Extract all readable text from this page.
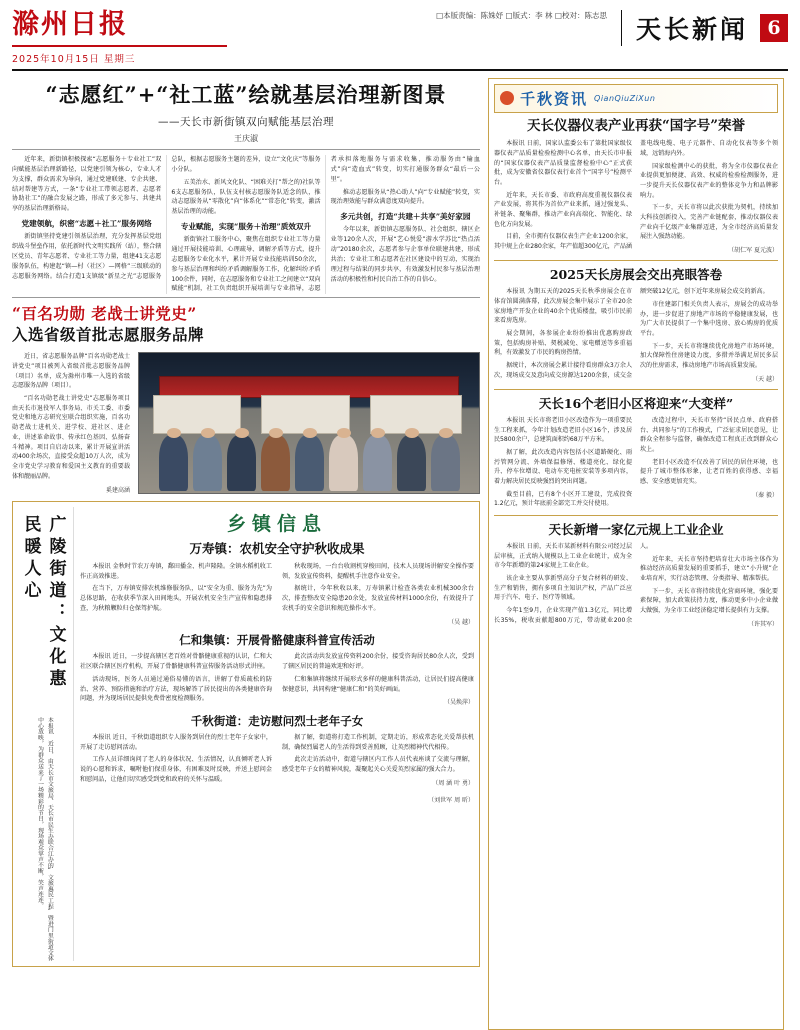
滁州日报
2025年10月15日 星期三
□本版责编：陈姝妤 □版式：李 林 □校对：陈志思	天长新闻	6
“志愿红”+“社工蓝”绘就基层治理新图景
——天长市新街镇双向赋能基层治理
王庆淑

近年来，新街镇积极探索“志愿服务＋专业社工”双向赋能基层治理新路径，以党建引领为核心，专业人才为支撑，群众需求为导向，通过党建联建、专企共建、结对帮建等方式，一条“专业社工带领志愿者、志愿者协助社工”的融合发展之路，形成了多元参与、共建共享的基层治理新格局。

党建领航，织密“志愿＋社工”服务网络

新街镇坚持党建引领基层治理，充分发挥基层党组织战斗堡垒作用，依托新时代文明实践所（站），整合辖区党员、青年志愿者、专业社工等力量，组建41支志愿服务队伍，构建起“镇—村（社区）—网格”三级联动的志愿服务网络。结合打造1支镇级“新星之光”志愿服务总队，根据志愿服务主题的差异，设立“文化庆”等服务小分队。

五美治水、新风文化队、“困难关打”帮之的)社队等6支志愿服务队，队伍支村核志愿服务队适念的队，推动志愿服务从“零散化”向“体系化”“常态化”转变，激活基层治理的动能。

专业赋能，实现“服务＋治理”质效双升

新街镇社工服务中心，聚焦在组织专业社工等力量通过开展技能培训、心理疏导、调解矛盾等方式，提升志愿服务专业化水平，累计开展专业技能培训50余次，参与基层治理和纠纷矛盾调解服务工作，化解纠纷矛盾100余件，同时，在志愿服务和专业社工之间建立“双向赋能”机制，社工负责组织开展培训与专业指导，志愿者承担落地服务与需求收集，推动服务由“输血式”向“造血式”转变，切实打通服务群众“最后一公里”。

推动志愿服务从“热心助人”向“专业赋能”转变，实现治理效能与群众满意度双向提升。

多元共创，打造“共建＋共享”美好家园

今年以来，新街镇志愿服务队、社会组织、辖区企业等120余人次，开展“艺心悦爱”游水学苏比“热点活动”20180余次，志愿者参与企事单位联建共建，形成共治；专业社工和志愿者在社区建设中的互动，实现治理过程与结果的同步共享，有效激发村民参与基层治理活动的积极性和村民自治工作的自信心。

“百名功勋 老战士讲党史”
入选省级首批志愿服务品牌

近日，省志愿服务品牌“百名功勋老战士讲党史”项目被列入省级首批志愿服务品牌（项目）名单，成为滁州市唯一入选的省级志愿服务品牌（项目）。

“百名功勋老战士讲党史”志愿服务项目由天长市退役军人事务局、市关工委、市委党史和地方志研究室联合组织实施，百名功勋老战士进机关、进学校、进社区、进企业，讲述革命故事、传承红色基因、弘扬奋斗精神。项目自启动以来，累计开展宣讲活动400余场次，直接受众超10万人次，成为全市党史学习教育和爱国主义教育的重要载体和靓丽品牌。

奚建高涵
广陵街道：文化惠民暖人心
本报讯 近日，由天长市文旅局、天长市民生办联合江办的“文旅惠民工程”暨进门里街道文体中心放映，为群众送来了一场精彩的节目，现场观众掌声不断，笑声连连。
乡镇信息
万寿镇：农机安全守护秋收成果

本报讯 金秋时节农万寿镇，鄱田播金、机声隆隆。全镇水稻机收工作正高效推进。

在当下，万寿镇安排农机维修服务队，以“安全为重、服务为先”为总体思路，在收获季节深入田间地头，开展农机安全生产宣传和隐患排查，为秋粮颗粒归仓保驾护航。

秋收现场，一台台收割机穿梭田间，技术人员现场讲解安全操作要领，发放宣传资料，提醒机手注意作业安全。

据统计，今年秋收以来，万寿镇累计检查各类农业机械300余台次，排查整改安全隐患20余处，发放宣传材料1000余份，有效提升了农机手的安全意识和规范操作水平。

（吴 越）
仁和集镇：开展骨骼健康科普宣传活动

本报讯 近日，一步提高辖区老百姓对骨骼健康重视的认识，仁和大社区联合辖区医疗机构，开展了骨骼健康科普宣传服务活动形式讲座。

活动现场，医务人员通过通俗易懂的语言，讲解了骨质疏松的防治、营养、预防措施和治疗方法，现场解答了居民提出的各类健康咨询问题，并为现场居民提供免费骨密度检测服务。

此次活动共发放宣传资料200余份，接受咨询居民80余人次，受到了辖区居民的普遍欢迎和好评。

仁和集镇将继续开展形式多样的健康科普活动，让居民们提高健康保健意识，共同构建“健康仁和”的美好画面。

（吴焕萍）
千秋街道：走访慰问烈士老年子女

本报讯 近日，千秋街道组织专人服务到居住的烈士老年子女家中，开展了走访慰问活动。

工作人员详细询问了老人的身体状况、生活情况，认真倾听老人诉说的心愿和诉求，嘱咐他们保重身体，有困难及时反映，并送上慰问金和慰问品，让他们切实感受到党和政府的关怀与温暖。

据了解，街道将打造工作机制，定期走访，形成常态化关爱帮扶机制，确保烈属老人的生活得到妥善照顾，让英烈精神代代相传。

此次走访活动中，街道与辖区内工作人员代表座谈了交流与理解，感受老年子女的精神风貌，凝聚起关心关爱英烈家属的强大合力。

（周 涵 叶 勇）
（刘世军 周 昕）
千秋资讯 QianQiuZiXun
天长仪器仪表产业再获“国字号”荣誉

本报讯 日前，国家认监委公布了第批国家级仪器仪表产品质量检验检测中心名单，由天长市申报的“国家仪器仪表产品质量监督检验中心”正式获批，成为安徽省仪器仪表行业首个“国字号”检测平台。

近年来，天长市委、市政府高度重视仪器仪表产业发展，将其作为首位产业来抓，通过强龙头、补链条、聚集群，推动产业向高端化、智能化、绿色化方向发展。

目前，全市拥有仪器仪表生产企业1200余家，其中规上企业280余家，年产值超300亿元，产品涵盖电线电缆、电子元器件、自动化仪表等多个领域，远销海内外。

国家级检测中心的获批，将为全市仪器仪表企业提供更加便捷、高效、权威的检验检测服务，进一步提升天长仪器仪表产业的整体竞争力和品牌影响力。

下一步，天长市将以此次获批为契机，持续加大科技创新投入，完善产业链配套，推动仪器仪表产业向千亿级产业集群迈进，为全市经济高质量发展注入强劲动能。

（胡仁军 夏元波）
2025天长房展会交出亮眼答卷

本报讯 为期五天的2025天长秋季房展会在市体育馆圆满落幕，此次房展会集中展示了全市20余家房地产开发企业的40余个优质楼盘，吸引市民前来看房选房。

展会期间，各参展企业纷纷推出优惠购房政策，包括购房补贴、契税减免、家电赠送等多重福利，有效激发了市民的购房热情。

据统计，本次房展会累计接待看房群众3万余人次，现场成交及意向成交房源达1200余套，成交金额突破12亿元，创下近年来房展会成交的新高。

市住建部门相关负责人表示，房展会的成功举办，进一步促进了房地产市场的平稳健康发展，也为广大市民提供了一个集中选房、放心购房的优质平台。

下一步，天长市将继续优化房地产市场环境，加大保障性住房建设力度，多措并举满足居民多层次的住房需求，推动房地产市场高质量发展。

（天 越）
天长16个老旧小区将迎来“大变样”

本报讯 天长市将老旧小区改造作为一项重要民生工程来抓，今年计划改造老旧小区16个，涉及居民5800余户，总建筑面积约68万平方米。

据了解，此次改造内容包括小区道路硬化、雨污管网分流、外墙保温修缮、楼道亮化、绿化提升、停车位增设、电动车充电桩安装等多项内容，着力解决居民反映强烈的突出问题。

截至目前，已有8个小区开工建设，完成投资1.2亿元，预计年底前全部完工并交付使用。

改造过程中，天长市坚持“居民点单、政府搭台、共同参与”的工作模式，广泛征求居民意见，让群众全程参与监督，确保改造工程真正改到群众心坎上。

老旧小区改造不仅改善了居民的居住环境，也提升了城市整体形象，让老百姓的获得感、幸福感、安全感更加充实。

（秦 毅）
天长新增一家亿元规上工业企业

本报讯 日前，天长市某新材料有限公司经过层层审核，正式纳入规模以上工业企业统计，成为全市今年新增的第24家规上工业企业。

该企业主要从事新型高分子复合材料的研发、生产和销售，拥有多项自主知识产权，产品广泛应用于汽车、电子、医疗等领域。

今年1至9月，企业实现产值1.3亿元，同比增长35%，税收贡献超800万元，带动就业200余人。

近年来，天长市坚持把培育壮大市场主体作为推动经济高质量发展的重要抓手，建立“小升规”企业培育库，实行动态管理、分类指导、精准帮扶。

下一步，天长市将持续优化营商环境，强化要素保障，加大政策扶持力度，推动更多中小企业做大做强，为全市工业经济稳定增长提供有力支撑。

（许其军）
